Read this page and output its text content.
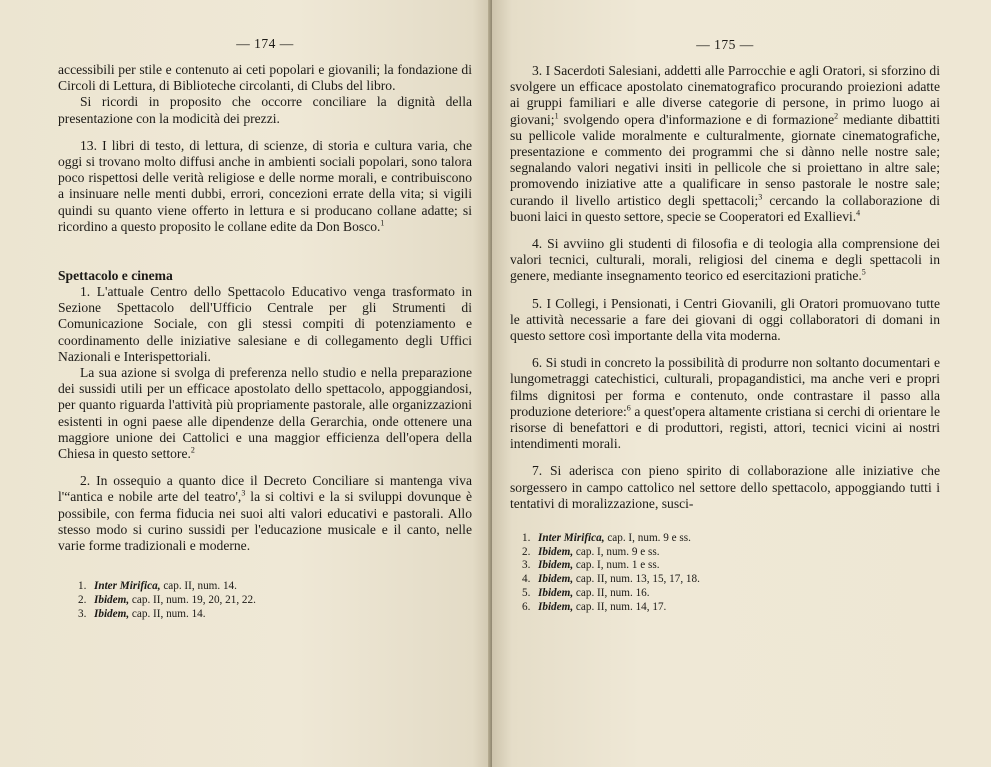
— 174 —

accessibili per stile e contenuto ai ceti popolari e giovanili; la fondazione di Circoli di Lettura, di Biblioteche circolanti, di Clubs del libro.

Si ricordi in proposito che occorre conciliare la dignità della presentazione con la modicità dei prezzi.

13. I libri di testo, di lettura, di scienze, di storia e cultura varia, che oggi si trovano molto diffusi anche in ambienti sociali popolari, sono talora poco rispettosi delle verità religiose e delle norme morali, e contribuiscono a insinuare nelle menti dubbi, errori, concezioni errate della vita; si vigili quindi su quanto viene offerto in lettura e si producano collane adatte; si ricordino a questo proposito le collane edite da Don Bosco.$^1$

Spettacolo e cinema

1. L'attuale Centro dello Spettacolo Educativo venga trasformato in Sezione Spettacolo dell'Ufficio Centrale per gli Strumenti di Comunicazione Sociale, con gli stessi compiti di potenziamento e coordinamento delle iniziative salesiane e di collegamento degli Uffici Nazionali e Interispettoriali.

La sua azione si svolga di preferenza nello studio e nella preparazione dei sussidi utili per un efficace apostolato dello spettacolo, appoggiandosi, per quanto riguarda l'attività più propriamente pastorale, alle organizzazioni esistenti in ogni paese alle dipendenze della Gerarchia, onde ottenere una maggiore unione dei Cattolici e una maggior efficienza dell'opera della Chiesa in questo settore.$^2$

2. In ossequio a quanto dice il Decreto Conciliare si mantenga viva l'“antica e nobile arte del teatro',$^3$ la si coltivi e la si sviluppi dovunque è possibile, con ferma fiducia nei suoi alti valori educativi e pastorali. Allo stesso modo si curino sussidi per l'educazione musicale e il canto, nelle varie forme tradizionali e moderne.

1. Inter Mirifica, cap. II, num. 14.
2. Ibidem, cap. II, num. 19, 20, 21, 22.
3. Ibidem, cap. II, num. 14.
— 175 —

3. I Sacerdoti Salesiani, addetti alle Parrocchie e agli Oratori, si sforzino di svolgere un efficace apostolato cinematografico procurando proiezioni adatte ai gruppi familiari e alle diverse categorie di persone, in primo luogo ai giovani;$^1$ svolgendo opera d'informazione e di formazione$^2$ mediante dibattiti su pellicole valide moralmente e culturalmente, giornate cinematografiche, presentazione e commento dei programmi che si dànno nelle nostre sale; segnalando valori negativi insiti in pellicole che si proiettano in altre sale; promovendo iniziative atte a qualificare in senso pastorale le nostre sale; curando il livello artistico degli spettacoli;$^3$ cercando la collaborazione di buoni laici in questo settore, specie se Cooperatori ed Exallievi.$^4$

4. Si avviino gli studenti di filosofia e di teologia alla comprensione dei valori tecnici, culturali, morali, religiosi del cinema e degli spettacoli in genere, mediante insegnamento teorico ed esercitazioni pratiche.$^5$

5. I Collegi, i Pensionati, i Centri Giovanili, gli Oratori promuovano tutte le attività necessarie a fare dei giovani di oggi collaboratori di domani in questo settore così importante della vita moderna.

6. Si studi in concreto la possibilità di produrre non soltanto documentari e lungometraggi catechistici, culturali, propagandistici, ma anche veri e propri films dignitosi per forma e contenuto, onde contrastare il passo alla produzione deteriore:$^6$ a quest'opera altamente cristiana si cerchi di orientare le risorse di benefattori e di produttori, registi, attori, tecnici vicini ai nostri intendimenti morali.

7. Si aderisca con pieno spirito di collaborazione alle iniziative che sorgessero in campo cattolico nel settore dello spettacolo, appoggiando tutti i tentativi di moralizzazione, susci-

1. Inter Mirifica, cap. I, num. 9 e ss.
2. Ibidem, cap. I, num. 9 e ss.
3. Ibidem, cap. I, num. 1 e ss.
4. Ibidem, cap. II, num. 13, 15, 17, 18.
5. Ibidem, cap. II, num. 16.
6. Ibidem, cap. II, num. 14, 17.
